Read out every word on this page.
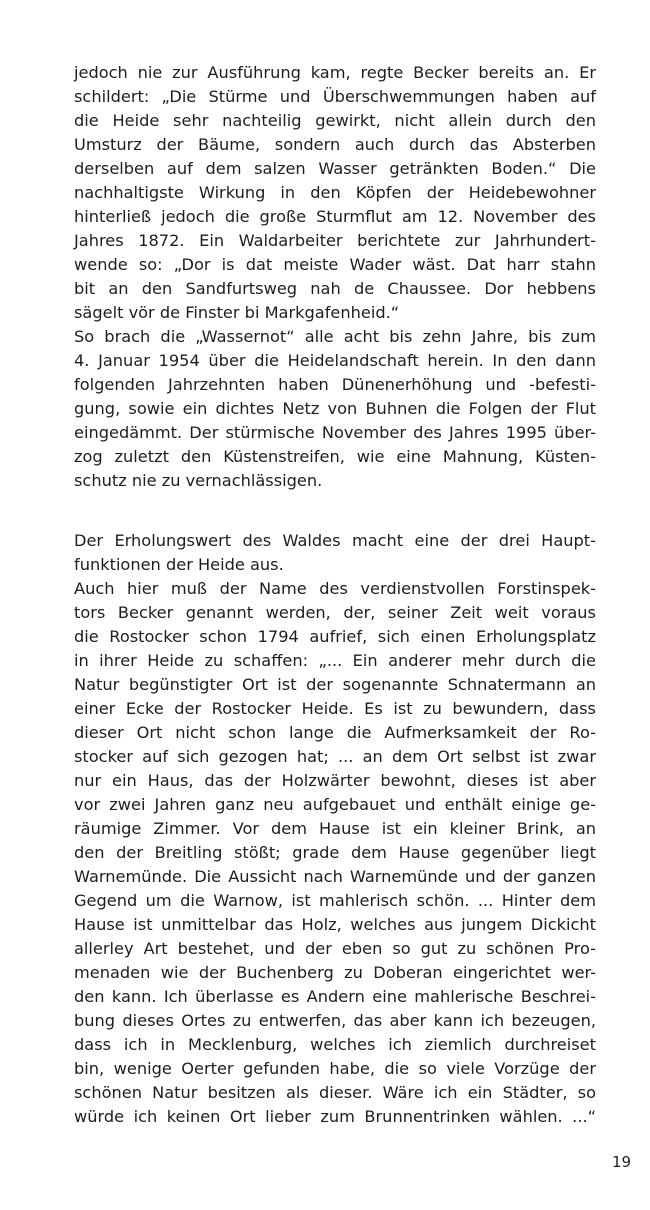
jedoch nie zur Ausführung kam, regte Becker bereits an. Er
schildert: „Die Stürme und Überschwemmungen haben auf
die Heide sehr nachteilig gewirkt, nicht allein durch den
Umsturz der Bäume, sondern auch durch das Absterben
derselben auf dem salzen Wasser getränkten Boden.“ Die
nachhaltigste Wirkung in den Köpfen der Heidebewohner
hinterließ jedoch die große Sturmflut am 12. November des
Jahres 1872. Ein Waldarbeiter berichtete zur Jahrhundert-
wende so: „Dor is dat meiste Wader wäst. Dat harr stahn
bit an den Sandfurtsweg nah de Chaussee. Dor hebbens
sägelt vör de Finster bi Markgafenheid.“
So brach die „Wassernot“ alle acht bis zehn Jahre, bis zum
4. Januar 1954 über die Heidelandschaft herein. In den dann
folgenden Jahrzehnten haben Dünenerhöhung und -befesti-
gung, sowie ein dichtes Netz von Buhnen die Folgen der Flut
eingedämmt. Der stürmische November des Jahres 1995 über-
zog zuletzt den Küstenstreifen, wie eine Mahnung, Küsten-
schutz nie zu vernachlässigen.
Der Erholungswert des Waldes macht eine der drei Haupt-
funktionen der Heide aus.
Auch hier muß der Name des verdienstvollen Forstinspek-
tors Becker genannt werden, der, seiner Zeit weit voraus
die Rostocker schon 1794 aufrief, sich einen Erholungsplatz
in ihrer Heide zu schaffen: „... Ein anderer mehr durch die
Natur begünstigter Ort ist der sogenannte Schnatermann an
einer Ecke der Rostocker Heide. Es ist zu bewundern, dass
dieser Ort nicht schon lange die Aufmerksamkeit der Ro-
stocker auf sich gezogen hat; ... an dem Ort selbst ist zwar
nur ein Haus, das der Holzwärter bewohnt, dieses ist aber
vor zwei Jahren ganz neu aufgebauet und enthält einige ge-
räumige Zimmer. Vor dem Hause ist ein kleiner Brink, an
den der Breitling stößt; grade dem Hause gegenüber liegt
Warnemünde. Die Aussicht nach Warnemünde und der ganzen
Gegend um die Warnow, ist mahlerisch schön. ... Hinter dem
Hause ist unmittelbar das Holz, welches aus jungem Dickicht
allerley Art bestehet, und der eben so gut zu schönen Pro-
menaden wie der Buchenberg zu Doberan eingerichtet wer-
den kann. Ich überlasse es Andern eine mahlerische Beschrei-
bung dieses Ortes zu entwerfen, das aber kann ich bezeugen,
dass ich in Mecklenburg, welches ich ziemlich durchreiset
bin, wenige Oerter gefunden habe, die so viele Vorzüge der
schönen Natur besitzen als dieser. Wäre ich ein Städter, so
würde ich keinen Ort lieber zum Brunnentrinken wählen. ...“
19
